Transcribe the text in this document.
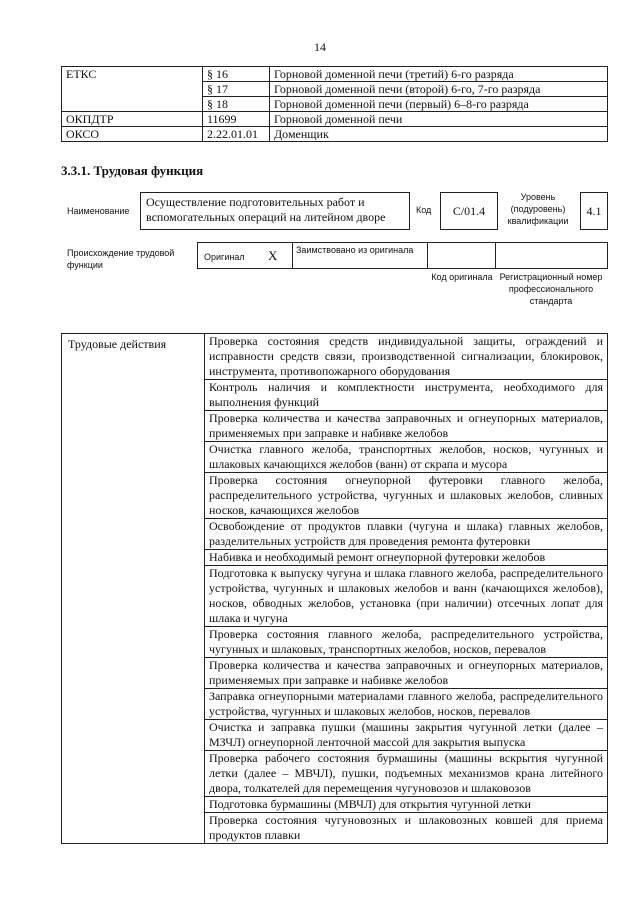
14
ЕТКС	§ 16	Горновой доменной печи (третий) 6-го разряда
	§ 17	Горновой доменной печи (второй) 6-го, 7-го разряда
	§ 18	Горновой доменной печи (первый) 6–8-го разряда
ОКПДТР	11699	Горновой доменной печи
ОКСО	2.22.01.01	Доменщик
3.3.1. Трудовая функция
Наименование
Осуществление подготовительных работ и вспомогательных операций на литейном дворе	Код	C/01.4
Уровень (подуровень) квалификации
4.1
Происхождение трудовой функции
Оригинал X Заимствовано из оригинала
Код оригинала Регистрационный номер профессионального стандарта
Трудовые действия	Проверка состояния средств индивидуальной защиты, ограждений и исправности средств связи, производственной сигнализации, блокировок, инструмента, противопожарного оборудования
Контроль наличия и комплектности инструмента, необходимого для выполнения функций
Проверка количества и качества заправочных и огнеупорных материалов, применяемых при заправке и набивке желобов
Очистка главного желоба, транспортных желобов, носков, чугунных и шлаковых качающихся желобов (ванн) от скрапа и мусора
Проверка состояния огнеупорной футеровки главного желоба, распределительного устройства, чугунных и шлаковых желобов, сливных носков, качающихся желобов
Освобождение от продуктов плавки (чугуна и шлака) главных желобов, разделительных устройств для проведения ремонта футеровки
Набивка и необходимый ремонт огнеупорной футеровки желобов
Подготовка к выпуску чугуна и шлака главного желоба, распределительного устройства, чугунных и шлаковых желобов и ванн (качающихся желобов), носков, обводных желобов, установка (при наличии) отсечных лопат для шлака и чугуна
Проверка состояния главного желоба, распределительного устройства, чугунных и шлаковых, транспортных желобов, носков, перевалов
Проверка количества и качества заправочных и огнеупорных материалов, применяемых при заправке и набивке желобов
Заправка огнеупорными материалами главного желоба, распределительного устройства, чугунных и шлаковых желобов, носков, перевалов
Очистка и заправка пушки (машины закрытия чугунной летки (далее – МЗЧЛ) огнеупорной ленточной массой для закрытия выпуска
Проверка рабочего состояния бурмашины (машины вскрытия чугунной летки (далее – МВЧЛ), пушки, подъемных механизмов крана литейного двора, толкателей для перемещения чугуновозов и шлаковозов
Подготовка бурмашины (МВЧЛ) для открытия чугунной летки
Проверка состояния чугуновозных и шлаковозных ковшей для приема продуктов плавки
